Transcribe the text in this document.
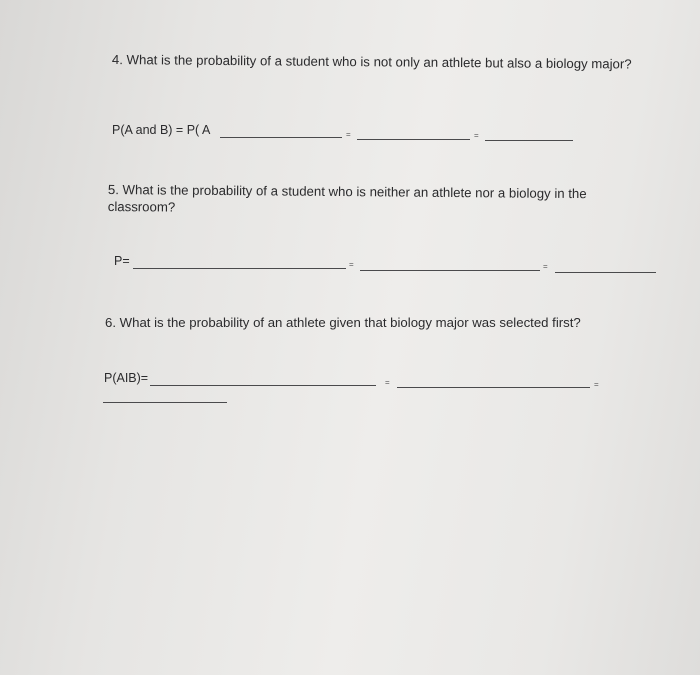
4. What is the probability of a student who is not only an athlete but also a biology major?
P(A and B) = P( A	=	=
5. What is the probability of a student who is neither an athlete nor a biology in the classroom?
P=	=	=
6. What is the probability of an athlete given that biology major was selected first?
P(AIB)=	=	=
